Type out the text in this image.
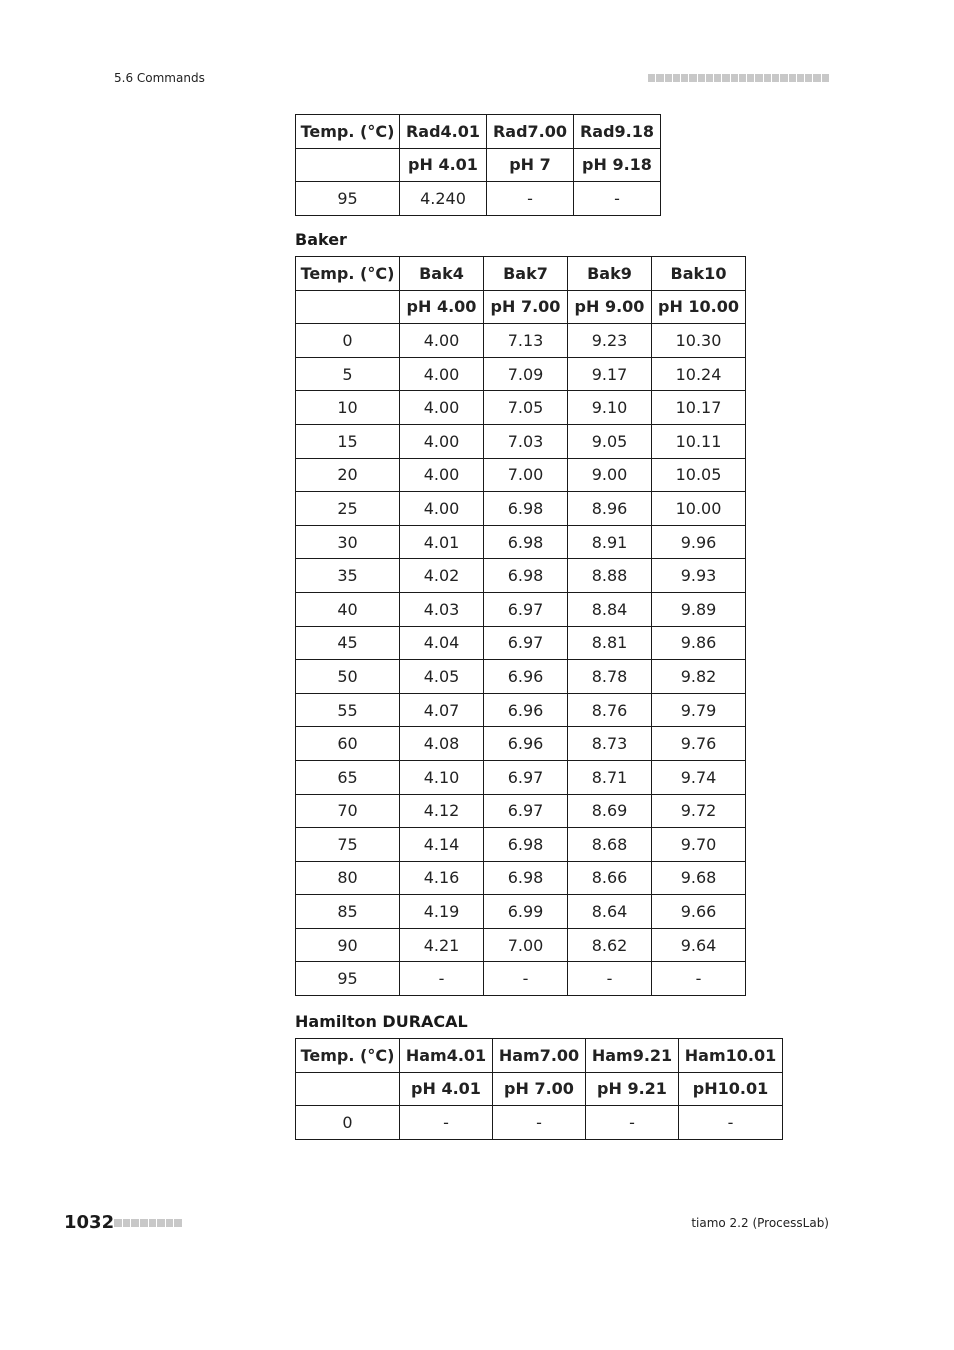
5.6 Commands
Temp. (°C)	Rad4.01	Rad7.00	Rad9.18
	pH 4.01	pH 7	pH 9.18
95	4.240	-	-
Baker
Temp. (°C)	Bak4	Bak7	Bak9	Bak10
	pH 4.00	pH 7.00	pH 9.00	pH 10.00
0	4.00	7.13	9.23	10.30
5	4.00	7.09	9.17	10.24
10	4.00	7.05	9.10	10.17
15	4.00	7.03	9.05	10.11
20	4.00	7.00	9.00	10.05
25	4.00	6.98	8.96	10.00
30	4.01	6.98	8.91	9.96
35	4.02	6.98	8.88	9.93
40	4.03	6.97	8.84	9.89
45	4.04	6.97	8.81	9.86
50	4.05	6.96	8.78	9.82
55	4.07	6.96	8.76	9.79
60	4.08	6.96	8.73	9.76
65	4.10	6.97	8.71	9.74
70	4.12	6.97	8.69	9.72
75	4.14	6.98	8.68	9.70
80	4.16	6.98	8.66	9.68
85	4.19	6.99	8.64	9.66
90	4.21	7.00	8.62	9.64
95	-	-	-	-
Hamilton DURACAL
Temp. (°C)	Ham4.01	Ham7.00	Ham9.21	Ham10.01
	pH 4.01	pH 7.00	pH 9.21	pH10.01
0	-	-	-	-
1032	tiamo 2.2 (ProcessLab)
